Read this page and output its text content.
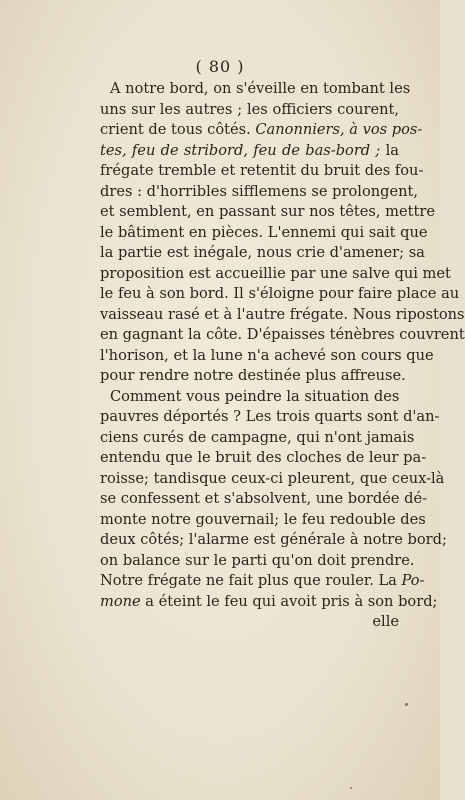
( 80 )
A notre bord, on s'éveille en tombant les
uns sur les autres ; les officiers courent,
crient de tous côtés. Canonniers, à vos pos-
tes, feu de stribord, feu de bas-bord ; la
frégate tremble et retentit du bruit des fou-
dres : d'horribles sifflemens se prolongent,
et semblent, en passant sur nos têtes, mettre
le bâtiment en pièces. L'ennemi qui sait que
la partie est inégale, nous crie d'amener; sa
proposition est accueillie par une salve qui met
le feu à son bord. Il s'éloigne pour faire place au
vaisseau rasé et à l'autre frégate. Nous ripostons
en gagnant la côte. D'épaisses ténèbres couvrent
l'horison, et la lune n'a achevé son cours que
pour rendre notre destinée plus affreuse.
Comment vous peindre la situation des
pauvres déportés ? Les trois quarts sont d'an-
ciens curés de campagne, qui n'ont jamais
entendu que le bruit des cloches de leur pa-
roisse; tandisque ceux-ci pleurent, que ceux-là
se confessent et s'absolvent, une bordée dé-
monte notre gouvernail; le feu redouble des
deux côtés; l'alarme est générale à notre bord;
on balance sur le parti qu'on doit prendre.
Notre frégate ne fait plus que rouler. La Po-
mone a éteint le feu qui avoit pris à son bord;
elle
